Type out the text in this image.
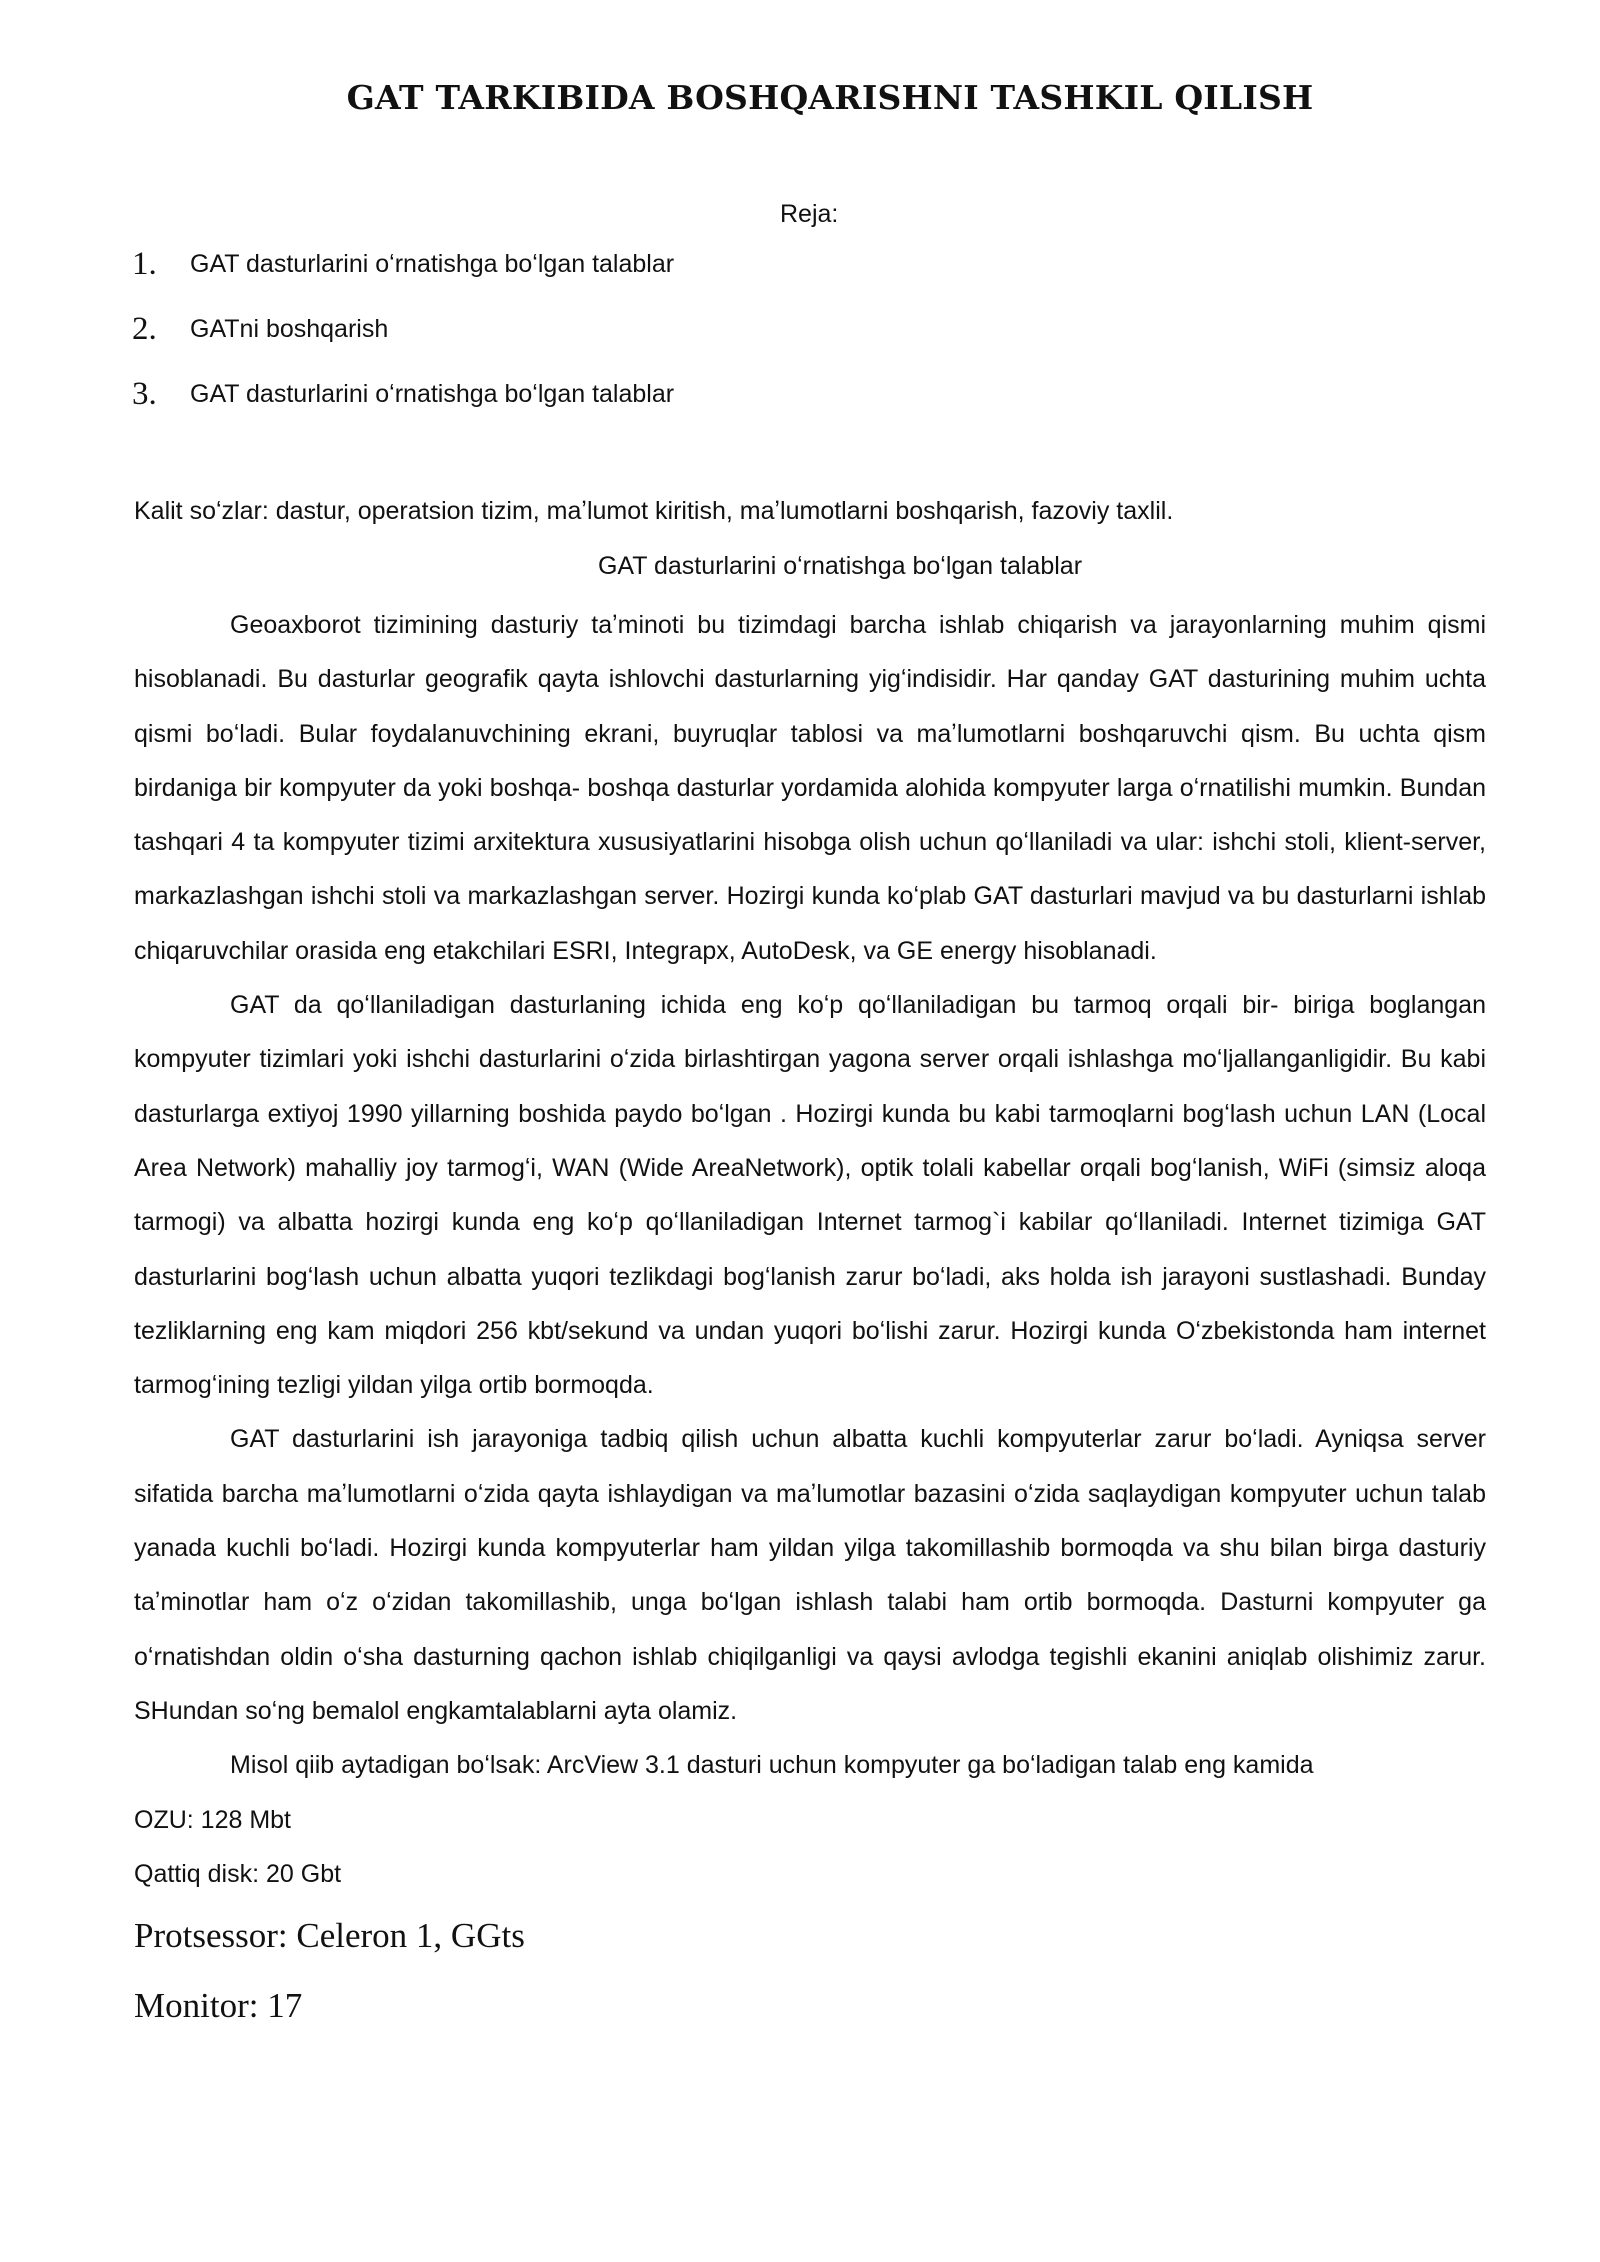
GAT TARKIBIDA BOSHQARISHNI TASHKIL QILISH
Reja:
1.	GAT dasturlarini oʻrnatishga boʻlgan talablar
2.	GATni boshqarish
3.	GAT dasturlarini oʻrnatishga boʻlgan talablar
Kalit soʻzlar: dastur, operatsion tizim, maʼlumot kiritish, maʼlumotlarni boshqarish, fazoviy taxlil.
GAT dasturlarini oʻrnatishga boʻlgan talablar

Geoaxborot tizimining dasturiy taʼminoti bu tizimdagi barcha ishlab chiqarish va jarayonlarning muhim qismi hisoblanadi. Bu dasturlar geografik qayta ishlovchi dasturlarning yigʻindisidir. Har qanday GAT dasturining muhim uchta qismi boʻladi. Bular foydalanuvchining ekrani, buyruqlar tablosi va maʼlumotlarni boshqaruvchi qism. Bu uchta qism birdaniga bir kompyuter da yoki boshqa- boshqa dasturlar yordamida alohida kompyuter larga oʻrnatilishi mumkin. Bundan tashqari 4 ta kompyuter tizimi arxitektura xususiyatlarini hisobga olish uchun qoʻllaniladi va ular: ishchi stoli, klient-server, markazlashgan ishchi stoli va markazlashgan server. Hozirgi kunda koʻplab GAT dasturlari mavjud va bu dasturlarni ishlab chiqaruvchilar orasida eng etakchilari ESRI, Integrapx, AutoDesk, va GE energy hisoblanadi.

GAT da qoʻllaniladigan dasturlaning ichida eng koʻp qoʻllaniladigan bu tarmoq orqali bir- biriga boglangan kompyuter tizimlari yoki ishchi dasturlarini oʻzida birlashtirgan yagona server orqali ishlashga moʻljallanganligidir. Bu kabi dasturlarga extiyoj 1990 yillarning boshida paydo boʻlgan . Hozirgi kunda bu kabi tarmoqlarni bogʻlash uchun LAN (Local Area Network) mahalliy joy tarmogʻi, WAN (Wide AreaNetwork), optik tolali kabellar orqali bogʻlanish, WiFi (simsiz aloqa tarmogi) va albatta hozirgi kunda eng koʻp qoʻllaniladigan Internet tarmog`i kabilar qoʻllaniladi. Internet tizimiga GAT dasturlarini bogʻlash uchun albatta yuqori tezlikdagi bogʻlanish zarur boʻladi, aks holda ish jarayoni sustlashadi. Bunday tezliklarning eng kam miqdori 256 kbt/sekund va undan yuqori boʻlishi zarur. Hozirgi kunda Oʻzbekistonda ham internet tarmogʻining tezligi yildan yilga ortib bormoqda.

GAT dasturlarini ish jarayoniga tadbiq qilish uchun albatta kuchli kompyuterlar zarur boʻladi. Ayniqsa server sifatida barcha maʼlumotlarni oʻzida qayta ishlaydigan va maʼlumotlar bazasini oʻzida saqlaydigan kompyuter uchun talab yanada kuchli boʻladi. Hozirgi kunda kompyuterlar ham yildan yilga takomillashib bormoqda va shu bilan birga dasturiy taʼminotlar ham oʻz oʻzidan takomillashib, unga boʻlgan ishlash talabi ham ortib bormoqda. Dasturni kompyuter ga oʻrnatishdan oldin oʻsha dasturning qachon ishlab chiqilganligi va qaysi avlodga tegishli ekanini aniqlab olishimiz zarur. SHundan soʻng bemalol engkamtalablarni ayta olamiz.

Misol qiib aytadigan boʻlsak: ArcView 3.1 dasturi uchun kompyuter ga boʻladigan talab eng kamida

OZU: 128 Mbt

Qattiq disk: 20 Gbt

Protsessor: Celeron 1, GGts

Monitor: 17
